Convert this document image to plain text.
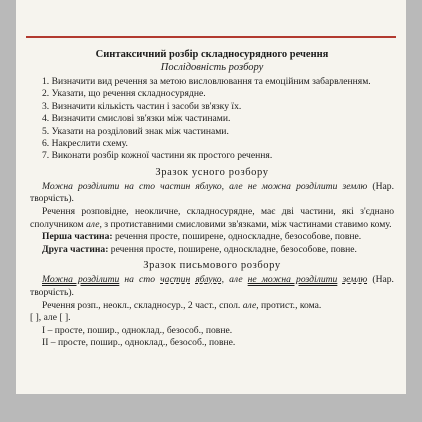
Синтаксичний розбір складносурядного речення

Послідовність розбору

1. Визначити вид речення за метою висловлювання та емоційним забарвленням.
2. Указати, що речення складносурядне.
3. Визначити кількість частин і засоби зв'язку їх.
4. Визначити смислові зв'язки між частинами.
5. Указати на розділовий знак між частинами.
6. Накреслити схему.
7. Виконати розбір кожної частини як простого речення.

Зразок усного розбору

Можна розділити на сто частин яблуко, але не можна розділити землю (Нар. творчість).

Речення розповідне, неокличне, складносурядне, має дві частини, які з'єднано сполучником але, з протиставними смисловими зв'язками, між частинами ставимо кому.

Перша частина: речення просте, поширене, односкладне, безособове, повне.

Друга частина: речення просте, поширене, односкладне, безособове, повне.

Зразок письмового розбору

Можна розділити на сто частин яблуко, але не можна розділити землю (Нар. творчість).

Речення розп., неокл., складносур., 2 част., спол. але, протист., кома.

[ ], але [ ].

І – просте, пошир., одноклад., безособ., повне.

ІІ – просте, пошир., одноклад., безособ., повне.
